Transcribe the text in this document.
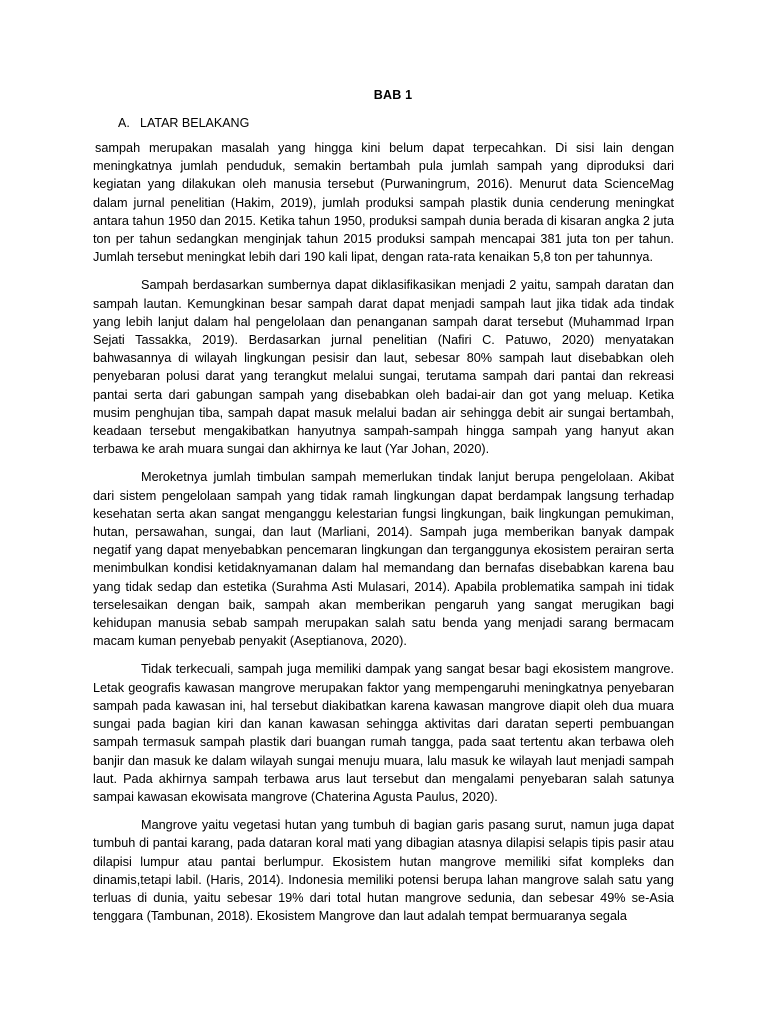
BAB 1
A. LATAR BELAKANG

sampah merupakan masalah yang hingga kini belum dapat terpecahkan. Di sisi lain dengan meningkatnya jumlah penduduk, semakin bertambah pula jumlah sampah yang diproduksi dari kegiatan yang dilakukan oleh manusia tersebut (Purwaningrum, 2016). Menurut data ScienceMag dalam jurnal penelitian (Hakim, 2019), jumlah produksi sampah plastik dunia cenderung meningkat antara tahun 1950 dan 2015. Ketika tahun 1950, produksi sampah dunia berada di kisaran angka 2 juta ton per tahun sedangkan menginjak tahun 2015 produksi sampah mencapai 381 juta ton per tahun. Jumlah tersebut meningkat lebih dari 190 kali lipat, dengan rata-rata kenaikan 5,8 ton per tahunnya.

Sampah berdasarkan sumbernya dapat diklasifikasikan menjadi 2 yaitu, sampah daratan dan sampah lautan. Kemungkinan besar sampah darat dapat menjadi sampah laut jika tidak ada tindak yang lebih lanjut dalam hal pengelolaan dan penanganan sampah darat tersebut (Muhammad Irpan Sejati Tassakka, 2019). Berdasarkan jurnal penelitian (Nafiri C. Patuwo, 2020) menyatakan bahwasannya di wilayah lingkungan pesisir dan laut, sebesar 80% sampah laut disebabkan oleh penyebaran polusi darat yang terangkut melalui sungai, terutama sampah dari pantai dan rekreasi pantai serta dari gabungan sampah yang disebabkan oleh badai-air dan got yang meluap. Ketika musim penghujan tiba, sampah dapat masuk melalui badan air sehingga debit air sungai bertambah, keadaan tersebut mengakibatkan hanyutnya sampah-sampah hingga sampah yang hanyut akan terbawa ke arah muara sungai dan akhirnya ke laut (Yar Johan, 2020).

Meroketnya jumlah timbulan sampah memerlukan tindak lanjut berupa pengelolaan. Akibat dari sistem pengelolaan sampah yang tidak ramah lingkungan dapat berdampak langsung terhadap kesehatan serta akan sangat menganggu kelestarian fungsi lingkungan, baik lingkungan pemukiman, hutan, persawahan, sungai, dan laut (Marliani, 2014). Sampah juga memberikan banyak dampak negatif yang dapat menyebabkan pencemaran lingkungan dan terganggunya ekosistem perairan serta menimbulkan kondisi ketidaknyamanan dalam hal memandang dan bernafas disebabkan karena bau yang tidak sedap dan estetika (Surahma Asti Mulasari, 2014). Apabila problematika sampah ini tidak terselesaikan dengan baik, sampah akan memberikan pengaruh yang sangat merugikan bagi kehidupan manusia sebab sampah merupakan salah satu benda yang menjadi sarang bermacam macam kuman penyebab penyakit (Aseptianova, 2020).

Tidak terkecuali, sampah juga memiliki dampak yang sangat besar bagi ekosistem mangrove. Letak geografis kawasan mangrove merupakan faktor yang mempengaruhi meningkatnya penyebaran sampah pada kawasan ini, hal tersebut diakibatkan karena kawasan mangrove diapit oleh dua muara sungai pada bagian kiri dan kanan kawasan sehingga aktivitas dari daratan seperti pembuangan sampah termasuk sampah plastik dari buangan rumah tangga, pada saat tertentu akan terbawa oleh banjir dan masuk ke dalam wilayah sungai menuju muara, lalu masuk ke wilayah laut menjadi sampah laut. Pada akhirnya sampah terbawa arus laut tersebut dan mengalami penyebaran salah satunya sampai kawasan ekowisata mangrove (Chaterina Agusta Paulus, 2020).

Mangrove yaitu vegetasi hutan yang tumbuh di bagian garis pasang surut, namun juga dapat tumbuh di pantai karang, pada dataran koral mati yang dibagian atasnya dilapisi selapis tipis pasir atau dilapisi lumpur atau pantai berlumpur. Ekosistem hutan mangrove memiliki sifat kompleks dan dinamis,tetapi labil. (Haris, 2014). Indonesia memiliki potensi berupa lahan mangrove salah satu yang terluas di dunia, yaitu sebesar 19% dari total hutan mangrove sedunia, dan sebesar 49% se-Asia tenggara (Tambunan, 2018). Ekosistem Mangrove dan laut adalah tempat bermuaranya segala
